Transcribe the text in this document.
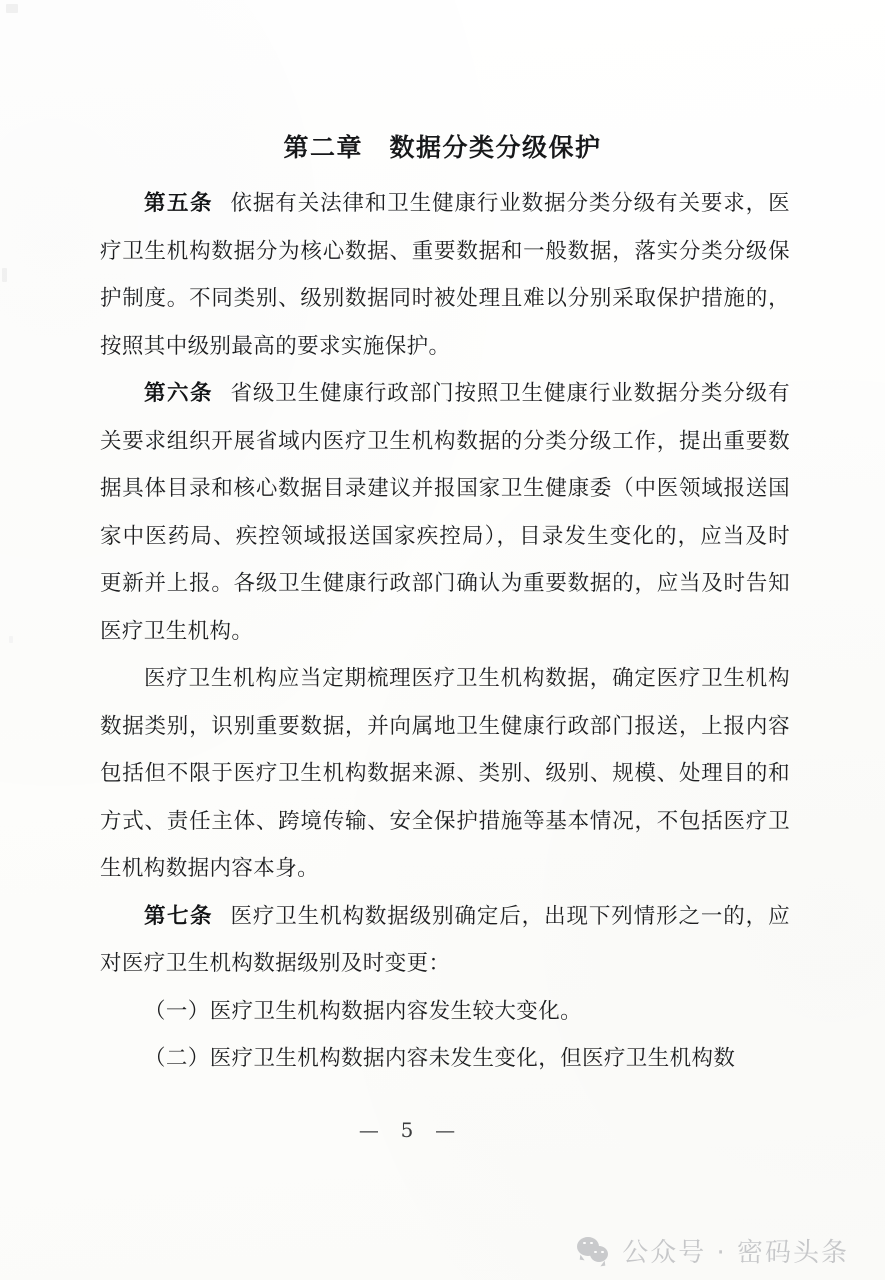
第二章　数据分类分级保护

第五条 依据有关法律和卫生健康行业数据分类分级有关要求，医疗卫生机构数据分为核心数据、重要数据和一般数据，落实分类分级保护制度。不同类别、级别数据同时被处理且难以分别采取保护措施的，按照其中级别最高的要求实施保护。

第六条 省级卫生健康行政部门按照卫生健康行业数据分类分级有关要求组织开展省域内医疗卫生机构数据的分类分级工作，提出重要数据具体目录和核心数据目录建议并报国家卫生健康委（中医领域报送国家中医药局、疾控领域报送国家疾控局），目录发生变化的，应当及时更新并上报。各级卫生健康行政部门确认为重要数据的，应当及时告知医疗卫生机构。

医疗卫生机构应当定期梳理医疗卫生机构数据，确定医疗卫生机构数据类别，识别重要数据，并向属地卫生健康行政部门报送，上报内容包括但不限于医疗卫生机构数据来源、类别、级别、规模、处理目的和方式、责任主体、跨境传输、安全保护措施等基本情况，不包括医疗卫生机构数据内容本身。

第七条 医疗卫生机构数据级别确定后，出现下列情形之一的，应对医疗卫生机构数据级别及时变更：

（一）医疗卫生机构数据内容发生较大变化。

（二）医疗卫生机构数据内容未发生变化，但医疗卫生机构数

—  5  —
公众号 · 密码头条
